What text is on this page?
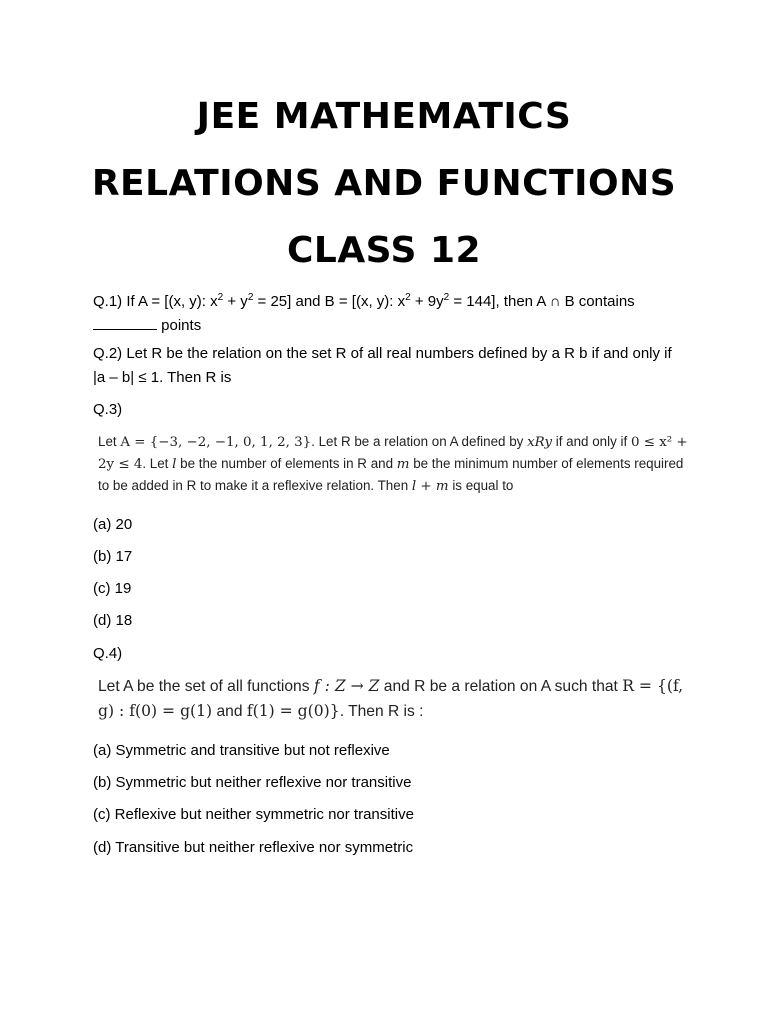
JEE MATHEMATICS
RELATIONS AND FUNCTIONS
CLASS 12
Q.1) If A = [(x, y): $x^2 + y^2 = 25$] and B = [(x, y): $x^2 + 9y^2 = 144$], then A ∩ B contains  points
Q.2) Let R be the relation on the set R of all real numbers defined by a R b if and only if |a – b| ≤ 1. Then R is
Q.3)
Let A = {−3, −2, −1, 0, 1, 2, 3}. Let R be a relation on A defined by xRy if and only if 0 ≤ x² + 2y ≤ 4. Let l be the number of elements in R and m be the minimum number of elements required to be added in R to make it a reflexive relation. Then l + m is equal to
(a) 20
(b) 17
(c) 19
(d) 18
Q.4)
Let A be the set of all functions f : Z → Z and R be a relation on A such that R = {(f, g) : f(0) = g(1) and f(1) = g(0)}. Then R is :
(a) Symmetric and transitive but not reflexive
(b) Symmetric but neither reflexive nor transitive
(c) Reflexive but neither symmetric nor transitive
(d) Transitive but neither reflexive nor symmetric
